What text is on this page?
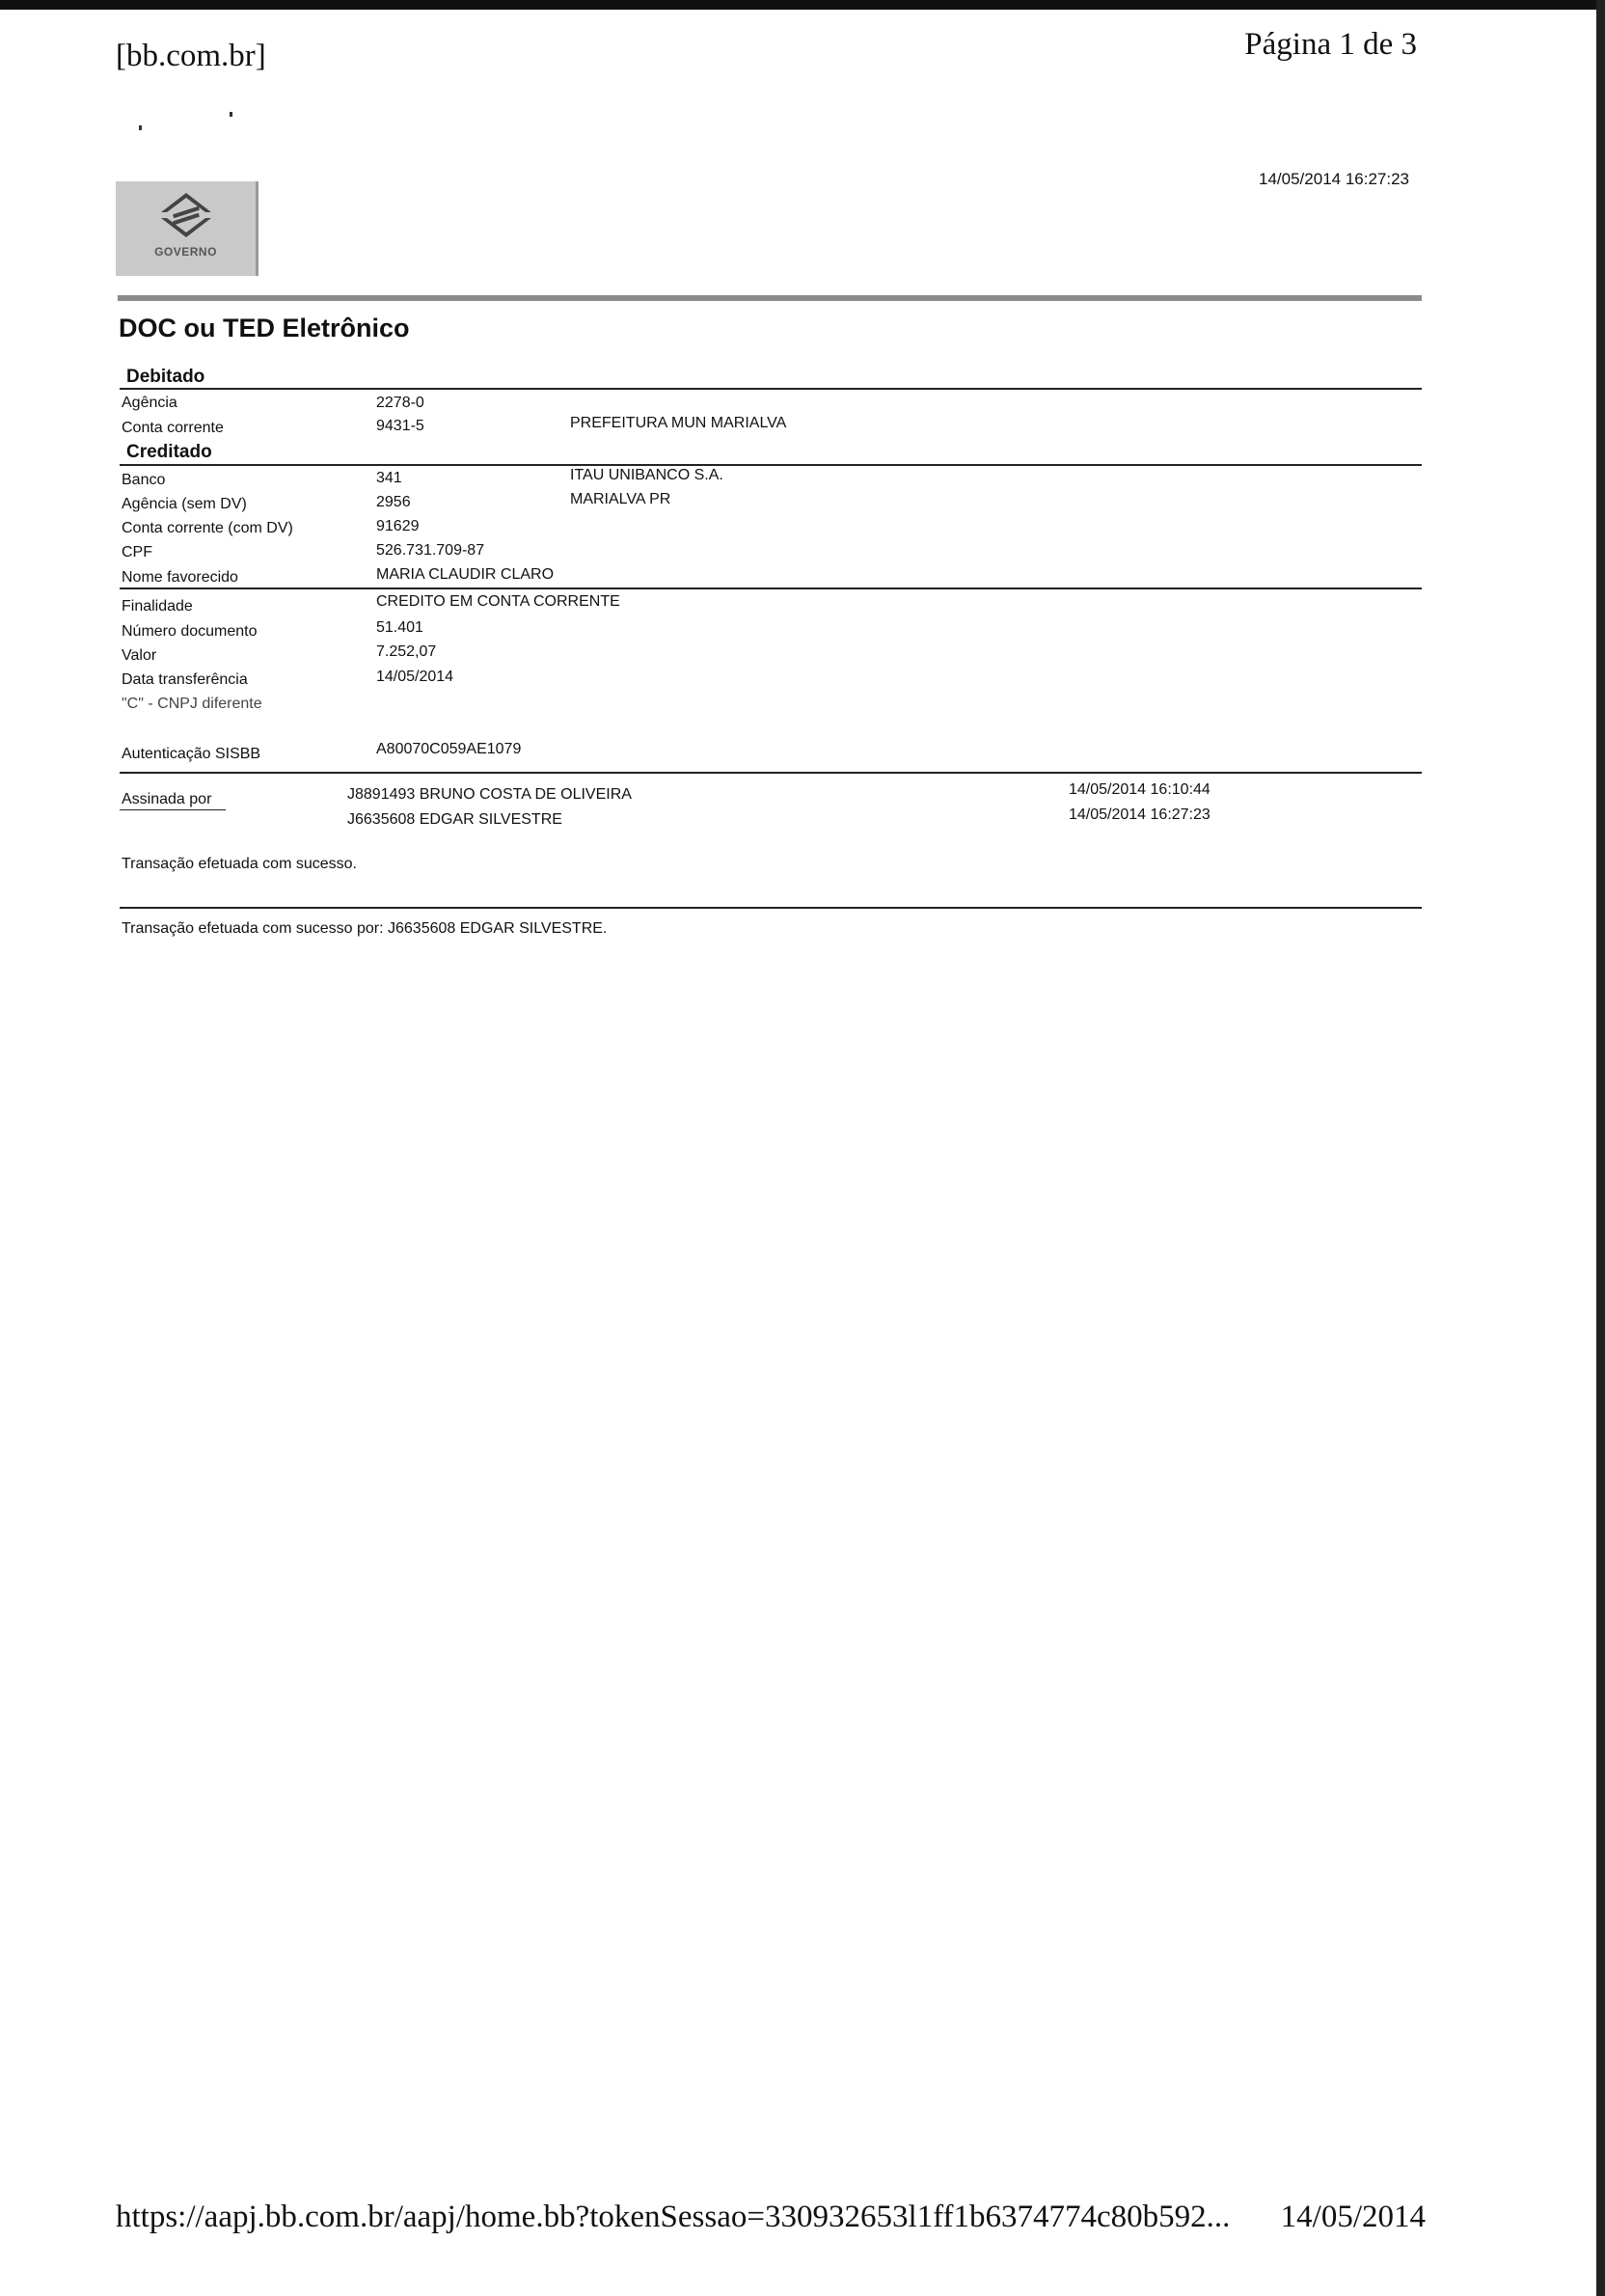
[bb.com.br]	Página 1 de 3
14/05/2014 16:27:23
GOVERNO
DOC ou TED Eletrônico
Debitado
Agência	2278-0
Conta corrente	9431-5	PREFEITURA MUN MARIALVA
Creditado
Banco	341	ITAU UNIBANCO S.A.
Agência (sem DV)	2956	MARIALVA PR
Conta corrente (com DV)	91629
CPF	526.731.709-87
Nome favorecido	MARIA CLAUDIR CLARO
Finalidade	CREDITO EM CONTA CORRENTE
Número documento	51.401
Valor	7.252,07
Data transferência	14/05/2014
"C" - CNPJ diferente
Autenticação SISBB	A80070C059AE1079
Assinada por	J8891493 BRUNO COSTA DE OLIVEIRA	14/05/2014 16:10:44
J6635608 EDGAR SILVESTRE	14/05/2014 16:27:23
Transação efetuada com sucesso.
Transação efetuada com sucesso por: J6635608 EDGAR SILVESTRE.
https://aapj.bb.com.br/aapj/home.bb?tokenSessao=330932653l1ff1b6374774c80b592... 14/05/2014
